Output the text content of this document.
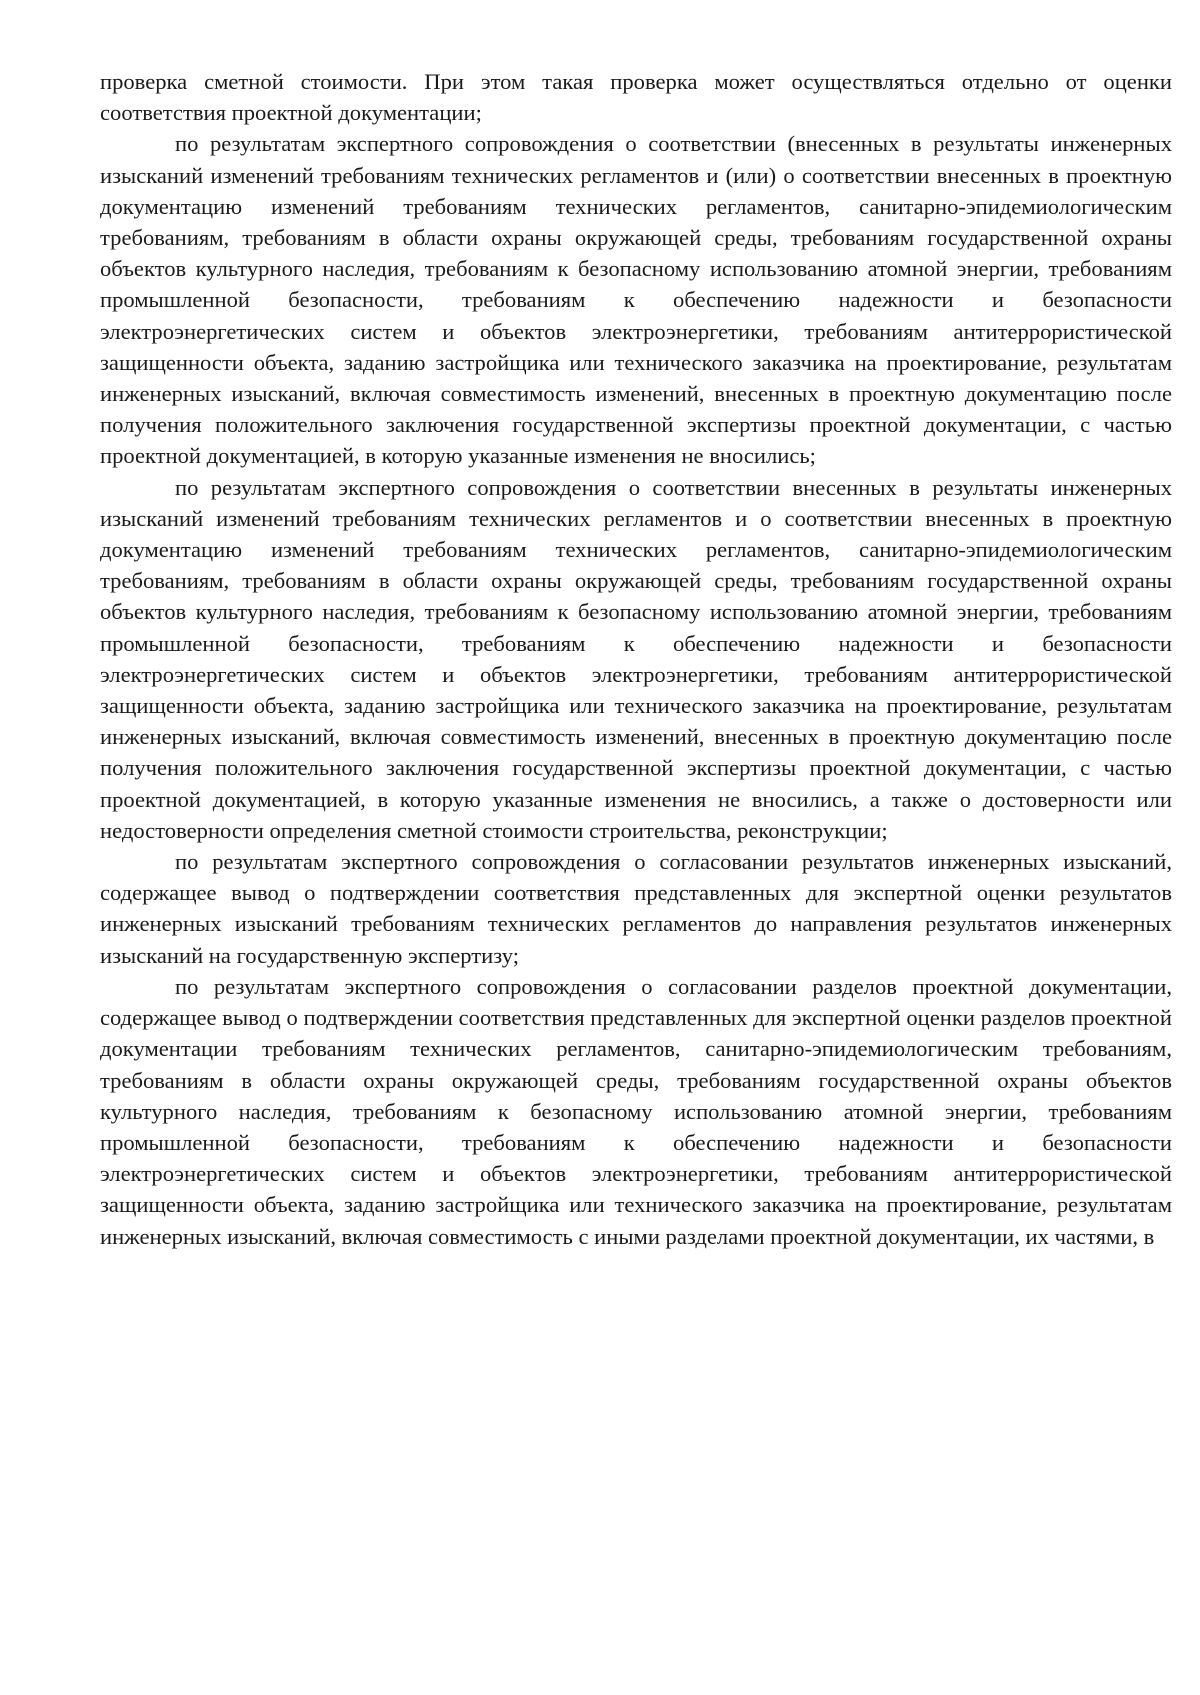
проверка сметной стоимости. При этом такая проверка может осуществляться отдельно от оценки соответствия проектной документации;

по результатам экспертного сопровождения о соответствии (внесенных в результаты инженерных изысканий изменений требованиям технических регламентов и (или) о соответствии внесенных в проектную документацию изменений требованиям технических регламентов, санитарно-эпидемиологическим требованиям, требованиям в области охраны окружающей среды, требованиям государственной охраны объектов культурного наследия, требованиям к безопасному использованию атомной энергии, требованиям промышленной безопасности, требованиям к обеспечению надежности и безопасности электроэнергетических систем и объектов электроэнергетики, требованиям антитеррористической защищенности объекта, заданию застройщика или технического заказчика на проектирование, результатам инженерных изысканий, включая совместимость изменений, внесенных в проектную документацию после получения положительного заключения государственной экспертизы проектной документации, с частью проектной документацией, в которую указанные изменения не вносились;

по результатам экспертного сопровождения о соответствии внесенных в результаты инженерных изысканий изменений требованиям технических регламентов и о соответствии внесенных в проектную документацию изменений требованиям технических регламентов, санитарно-эпидемиологическим требованиям, требованиям в области охраны окружающей среды, требованиям государственной охраны объектов культурного наследия, требованиям к безопасному использованию атомной энергии, требованиям промышленной безопасности, требованиям к обеспечению надежности и безопасности электроэнергетических систем и объектов электроэнергетики, требованиям антитеррористической защищенности объекта, заданию застройщика или технического заказчика на проектирование, результатам инженерных изысканий, включая совместимость изменений, внесенных в проектную документацию после получения положительного заключения государственной экспертизы проектной документации, с частью проектной документацией, в которую указанные изменения не вносились, а также о достоверности или недостоверности определения сметной стоимости строительства, реконструкции;

по результатам экспертного сопровождения о согласовании результатов инженерных изысканий, содержащее вывод о подтверждении соответствия представленных для экспертной оценки результатов инженерных изысканий требованиям технических регламентов до направления результатов инженерных изысканий на государственную экспертизу;

по результатам экспертного сопровождения о согласовании разделов проектной документации, содержащее вывод о подтверждении соответствия представленных для экспертной оценки разделов проектной документации требованиям технических регламентов, санитарно-эпидемиологическим требованиям, требованиям в области охраны окружающей среды, требованиям государственной охраны объектов культурного наследия, требованиям к безопасному использованию атомной энергии, требованиям промышленной безопасности, требованиям к обеспечению надежности и безопасности электроэнергетических систем и объектов электроэнергетики, требованиям антитеррористической защищенности объекта, заданию застройщика или технического заказчика на проектирование, результатам инженерных изысканий, включая совместимость с иными разделами проектной документации, их частями, в
